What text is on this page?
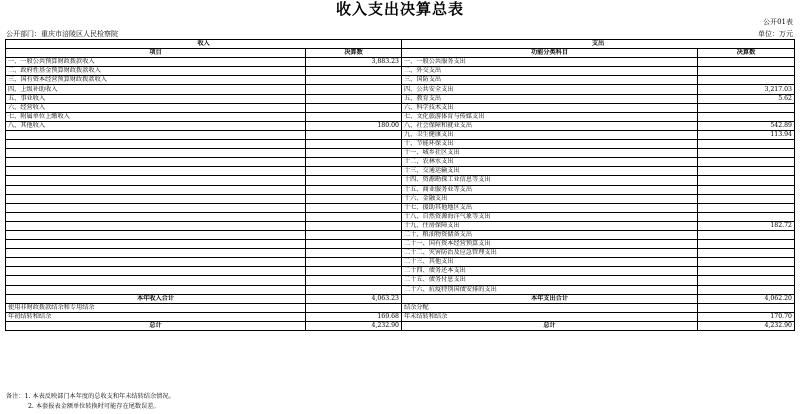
收入支出决算总表
公开01表
公开部门：重庆市涪陵区人民检察院	单位：万元
收入		支出	
项目	决算数	功能分类科目	决算数
一、一般公共预算财政拨款收入	3,883.23	一、一般公共服务支出	
二、政府性基金预算财政拨款收入		二、外交支出	
三、国有资本经营预算财政拨款收入		三、国防支出	
四、上级补助收入		四、公共安全支出	3,217.03
五、事业收入		五、教育支出	5.62
六、经营收入		六、科学技术支出	
七、附属单位上缴收入		七、文化旅游体育与传媒支出	
八、其他收入	180.00	八、社会保障和就业支出	542.89
		九、卫生健康支出	113.94
		十、节能环保支出	
		十一、城乡社区支出	
		十二、农林水支出	
		十三、交通运输支出	
		十四、资源勘探工业信息等支出	
		十五、商业服务业等支出	
		十六、金融支出	
		十七、援助其他地区支出	
		十八、自然资源海洋气象等支出	
		十九、住房保障支出	182.72
		二十、粮油物资储备支出	
		二十一、国有资本经营预算支出	
		二十二、灾害防治及应急管理支出	
		二十三、其他支出	
		二十四、债务还本支出	
		二十五、债务付息支出	
		二十六、抗疫特别国债安排的支出	
本年收入合计	4,063.23	本年支出合计	4,062.20
使用非财政拨款结余和专用结余		结余分配	
年初结转和结余	169.68	年末结转和结余	170.70
总计	4,232.90	总计	4,232.90
备注：1. 本表反映部门本年度的总收支和年末结转结余情况。
2. 本套报表金额单位转换时可能存在尾数误差。
